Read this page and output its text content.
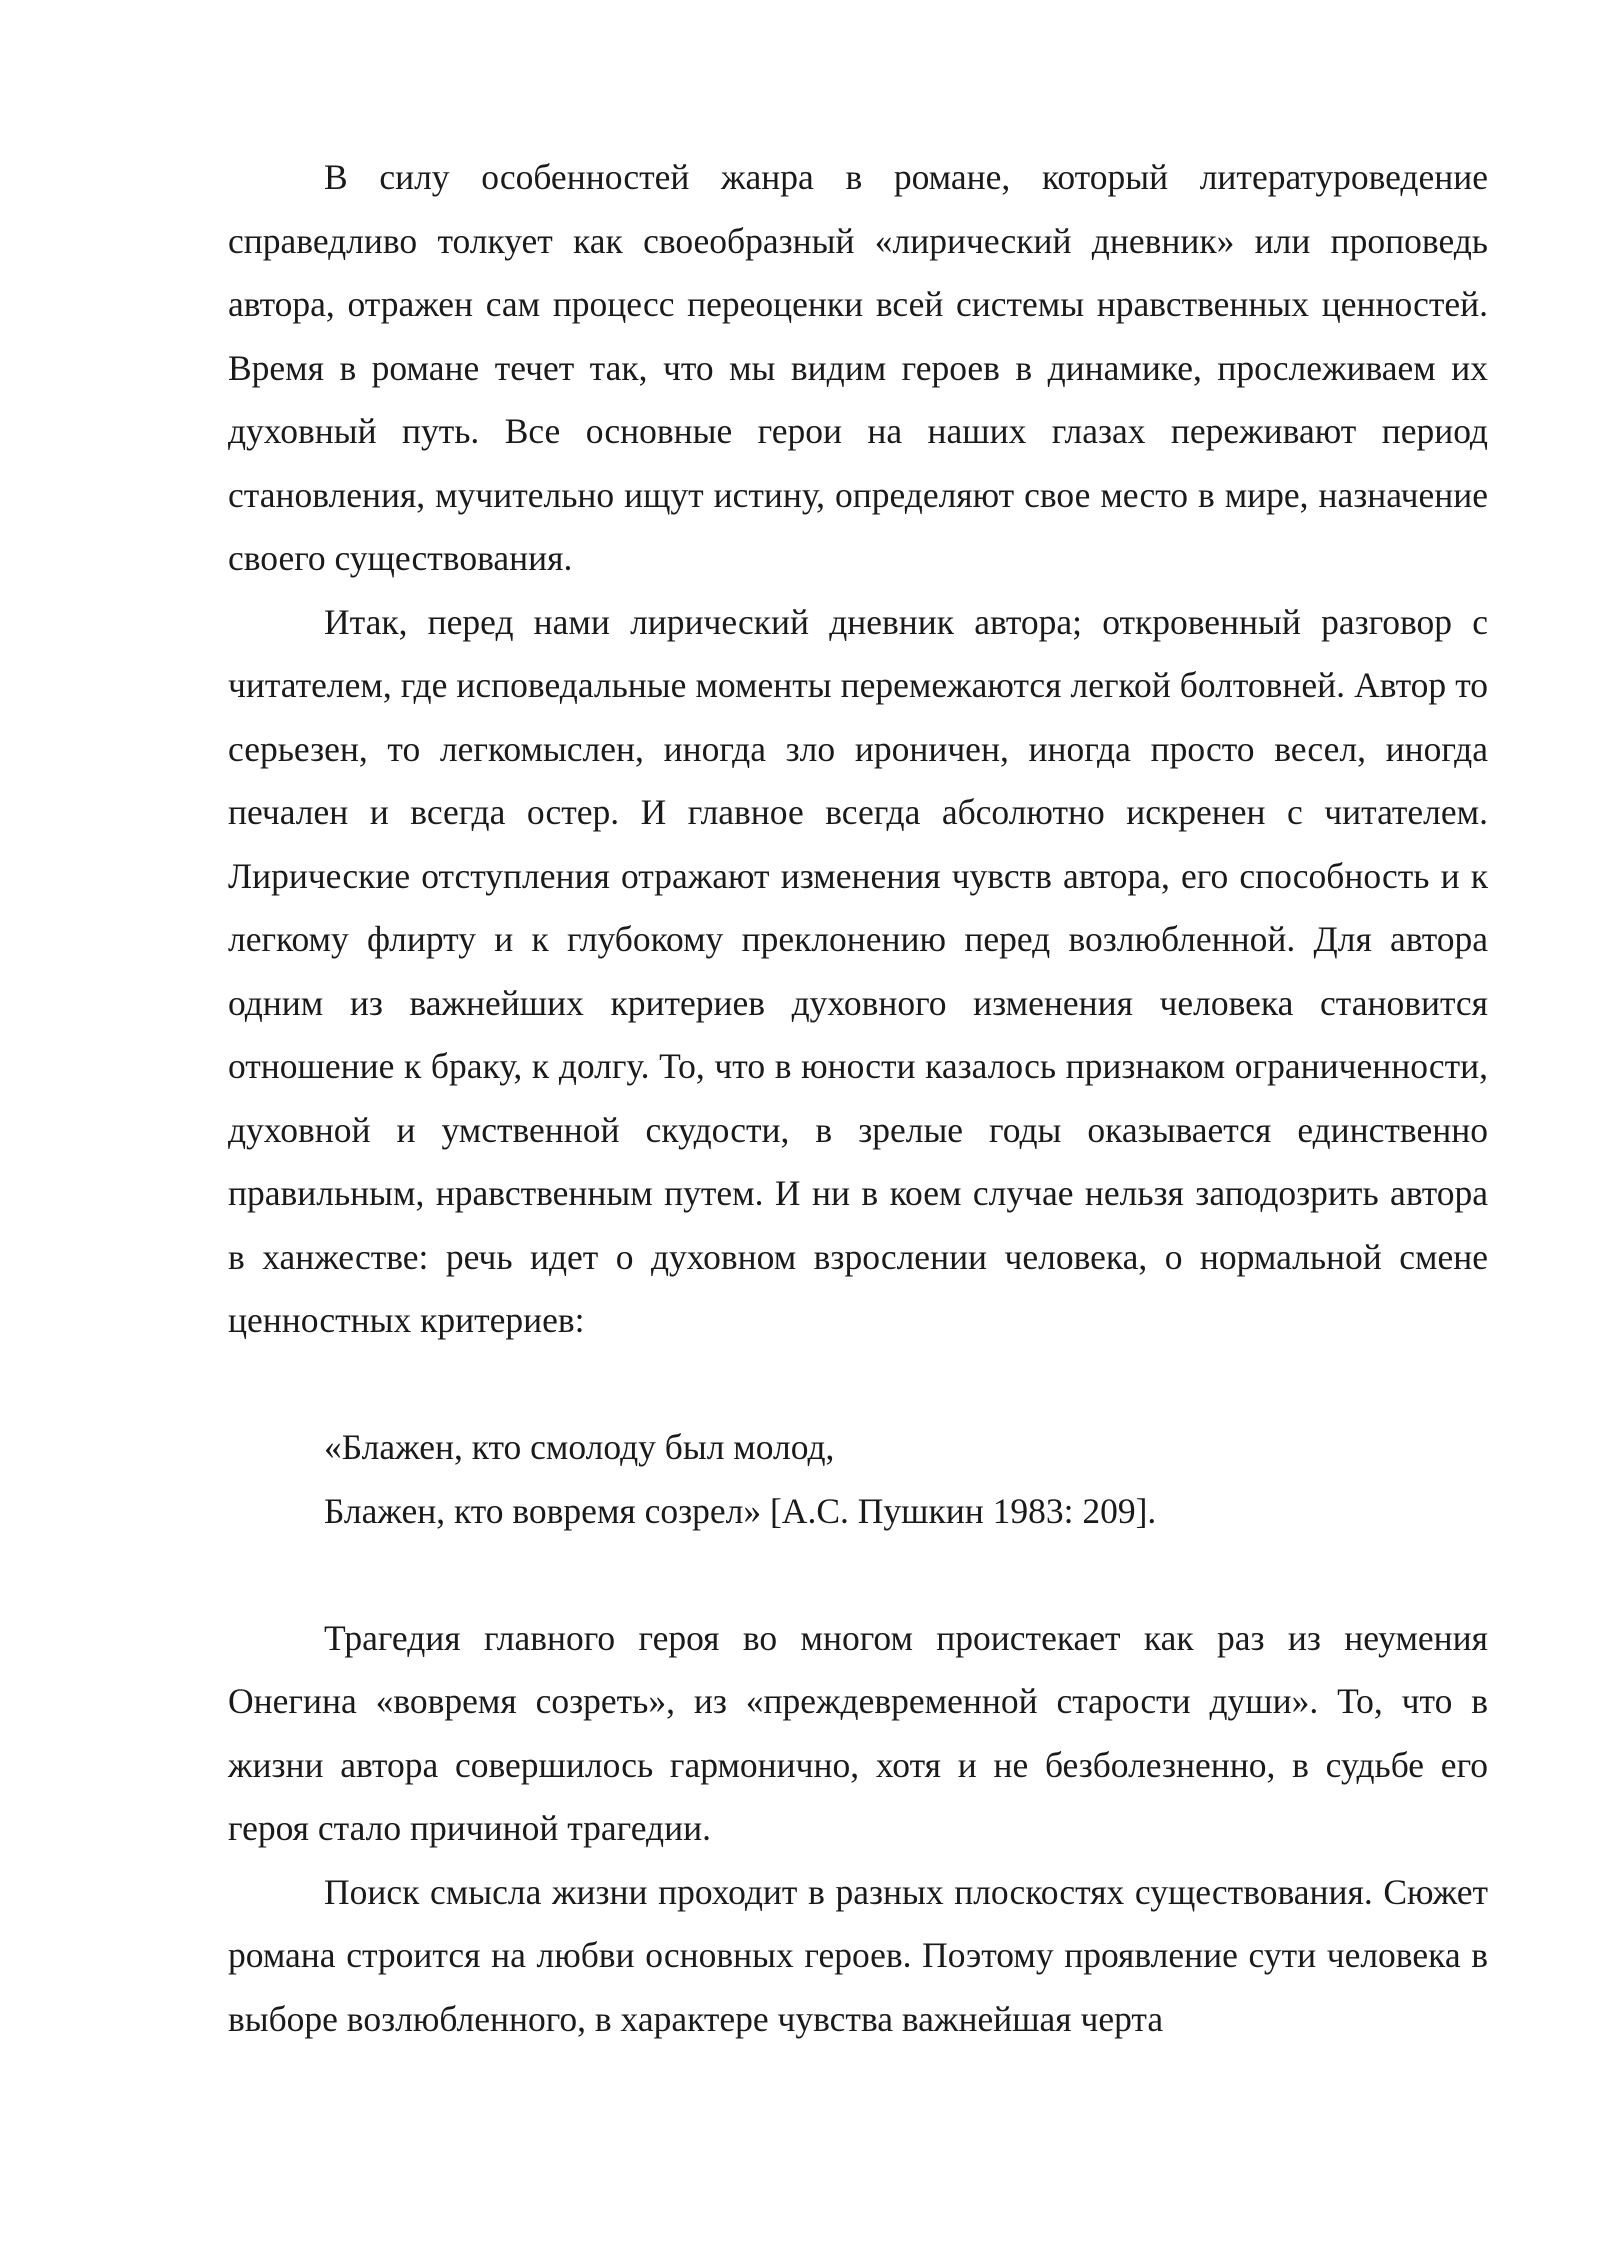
В силу особенностей жанра в романе, который литературоведение справедливо толкует как своеобразный «лирический дневник» или проповедь автора, отражен сам процесс переоценки всей системы нравственных ценностей. Время в романе течет так, что мы видим героев в динамике, прослеживаем их духовный путь. Все основные герои на наших глазах переживают период становления, мучительно ищут истину, определяют свое место в мире, назначение своего существования.

Итак, перед нами лирический дневник автора; откровенный разговор с читателем, где исповедальные моменты перемежаются легкой болтовней. Автор то серьезен, то легкомыслен, иногда зло ироничен, иногда просто весел, иногда печален и всегда остер. И главное всегда абсолютно искренен с читателем. Лирические отступления отражают изменения чувств автора, его способность и к легкому флирту и к глубокому преклонению перед возлюбленной. Для автора одним из важнейших критериев духовного изменения человека становится отношение к браку, к долгу. То, что в юности казалось признаком ограниченности, духовной и умственной скудости, в зрелые годы оказывается единственно правильным, нравственным путем. И ни в коем случае нельзя заподозрить автора в ханжестве: речь идет о духовном взрослении человека, о нормальной смене ценностных критериев:

«Блажен, кто смолоду был молод,
Блажен, кто вовремя созрел» [А.С. Пушкин 1983: 209].

Трагедия главного героя во многом проистекает как раз из неумения Онегина «вовремя созреть», из «преждевременной старости души». То, что в жизни автора совершилось гармонично, хотя и не безболезненно, в судьбе его героя стало причиной трагедии.

Поиск смысла жизни проходит в разных плоскостях существования. Сюжет романа строится на любви основных героев. Поэтому проявление сути человека в выборе возлюбленного, в характере чувства важнейшая черта
